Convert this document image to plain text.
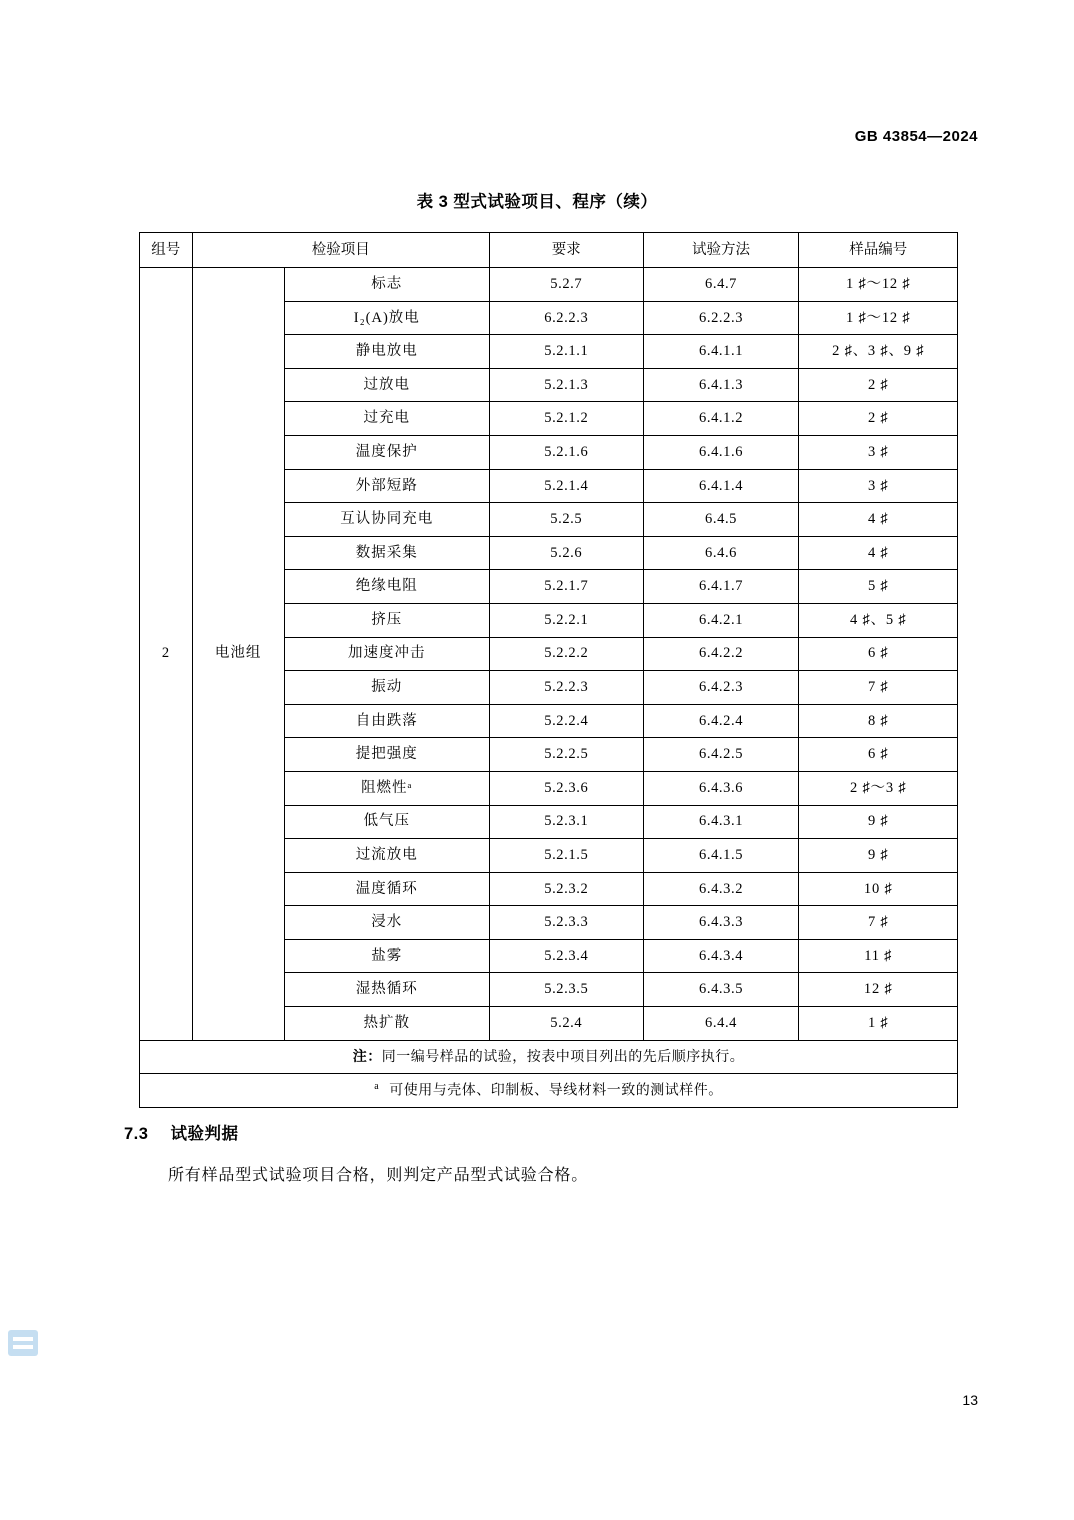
GB 43854—2024
表 3 型式试验项目、程序（续）
组号	检验项目		要求	试验方法	样品编号
2	电池组	标志	5.2.7	6.4.7	1 ♯～12 ♯
		I₂(A)放电	6.2.2.3	6.2.2.3	1 ♯～12 ♯
		静电放电	5.2.1.1	6.4.1.1	2 ♯、3 ♯、9 ♯
		过放电	5.2.1.3	6.4.1.3	2 ♯
		过充电	5.2.1.2	6.4.1.2	2 ♯
		温度保护	5.2.1.6	6.4.1.6	3 ♯
		外部短路	5.2.1.4	6.4.1.4	3 ♯
		互认协同充电	5.2.5	6.4.5	4 ♯
		数据采集	5.2.6	6.4.6	4 ♯
		绝缘电阻	5.2.1.7	6.4.1.7	5 ♯
		挤压	5.2.2.1	6.4.2.1	4 ♯、5 ♯
		加速度冲击	5.2.2.2	6.4.2.2	6 ♯
		振动	5.2.2.3	6.4.2.3	7 ♯
		自由跌落	5.2.2.4	6.4.2.4	8 ♯
		提把强度	5.2.2.5	6.4.2.5	6 ♯
		阻燃性ᵃ	5.2.3.6	6.4.3.6	2 ♯～3 ♯
		低气压	5.2.3.1	6.4.3.1	9 ♯
		过流放电	5.2.1.5	6.4.1.5	9 ♯
		温度循环	5.2.3.2	6.4.3.2	10 ♯
		浸水	5.2.3.3	6.4.3.3	7 ♯
		盐雾	5.2.3.4	6.4.3.4	11 ♯
		湿热循环	5.2.3.5	6.4.3.5	12 ♯
		热扩散	5.2.4	6.4.4	1 ♯
注：同一编号样品的试验，按表中项目列出的先后顺序执行。					
$^a$ 可使用与壳体、印制板、导线材料一致的测试样件。					
7.3 试验判据
所有样品型式试验项目合格，则判定产品型式试验合格。
13
